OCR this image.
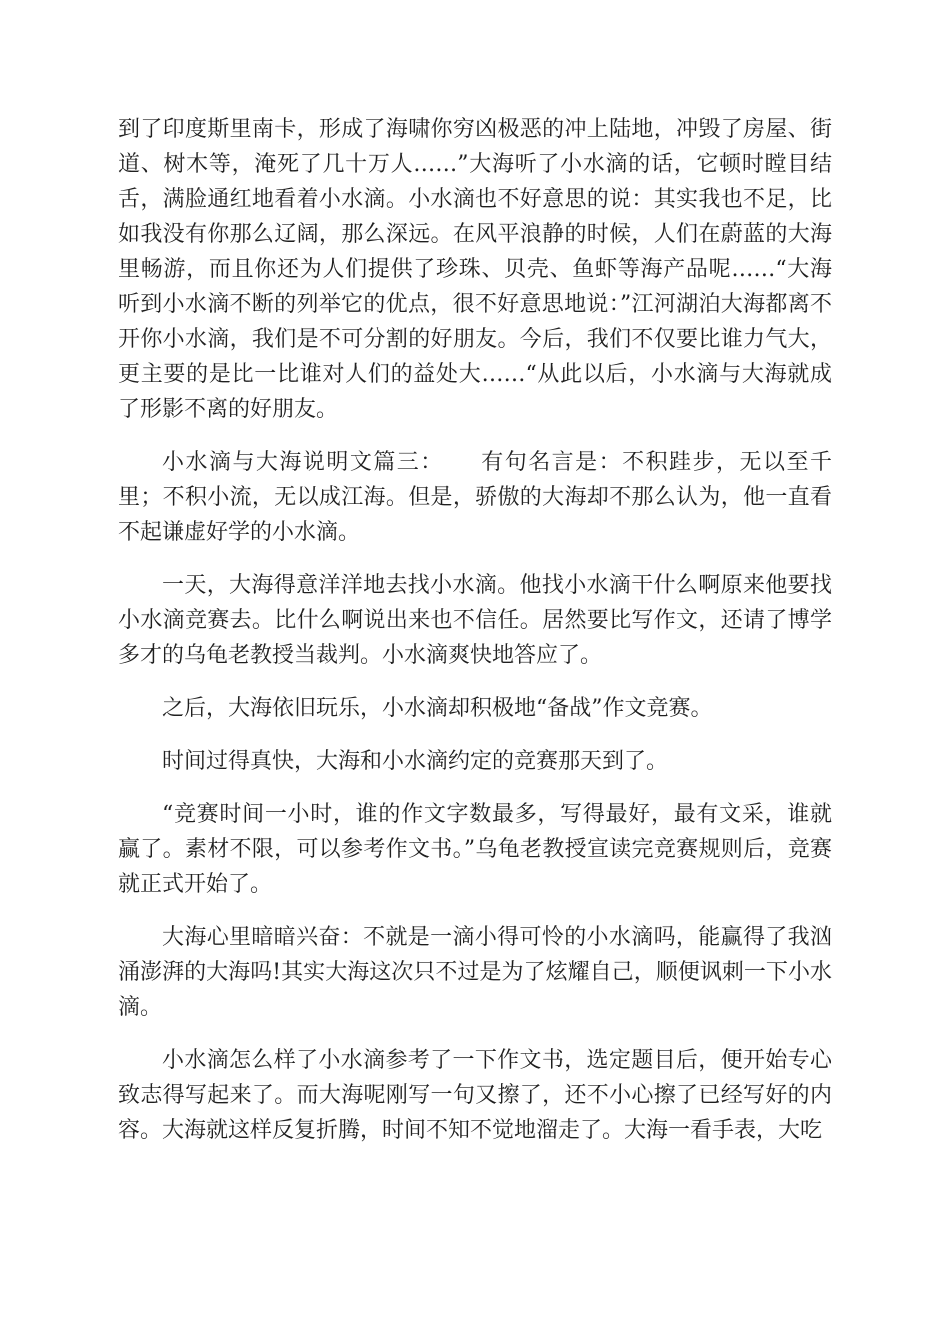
到了印度斯里南卡，形成了海啸你穷凶极恶的冲上陆地，冲毁了房屋、街道、树木等，淹死了几十万人……”大海听了小水滴的话，它顿时瞠目结舌，满脸通红地看着小水滴。小水滴也不好意思的说：其实我也不足，比如我没有你那么辽阔，那么深远。在风平浪静的时候，人们在蔚蓝的大海里畅游，而且你还为人们提供了珍珠、贝壳、鱼虾等海产品呢……“大海听到小水滴不断的列举它的优点，很不好意思地说：”江河湖泊大海都离不开你小水滴，我们是不可分割的好朋友。今后，我们不仅要比谁力气大，更主要的是比一比谁对人们的益处大……“从此以后，小水滴与大海就成了形影不离的好朋友。

小水滴与大海说明文篇三： 有句名言是：不积跬步，无以至千里；不积小流，无以成江海。但是，骄傲的大海却不那么认为，他一直看不起谦虚好学的小水滴。

一天，大海得意洋洋地去找小水滴。他找小水滴干什么啊原来他要找小水滴竞赛去。比什么啊说出来也不信任。居然要比写作文，还请了博学多才的乌龟老教授当裁判。小水滴爽快地答应了。

之后，大海依旧玩乐，小水滴却积极地“备战”作文竞赛。

时间过得真快，大海和小水滴约定的竞赛那天到了。

“竞赛时间一小时，谁的作文字数最多，写得最好，最有文采，谁就赢了。素材不限，可以参考作文书。”乌龟老教授宣读完竞赛规则后，竞赛就正式开始了。

大海心里暗暗兴奋：不就是一滴小得可怜的小水滴吗，能赢得了我汹涌澎湃的大海吗!其实大海这次只不过是为了炫耀自己，顺便讽刺一下小水滴。

小水滴怎么样了小水滴参考了一下作文书，选定题目后，便开始专心致志得写起来了。而大海呢刚写一句又擦了，还不小心擦了已经写好的内容。大海就这样反复折腾，时间不知不觉地溜走了。大海一看手表，大吃
